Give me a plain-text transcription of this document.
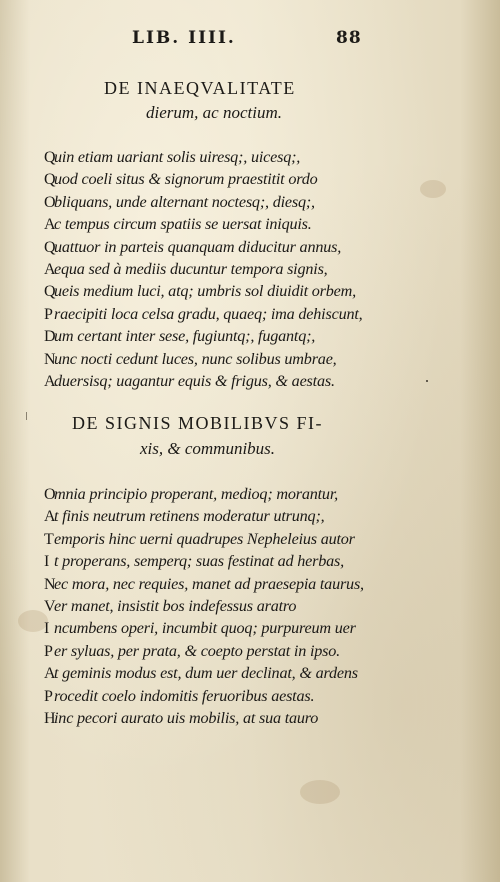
LIB. IIII.	88
DE INAEQVALITATE
dierum, ac noctium.
Quin etiam uariant solis uiresq;, uicesq;,
Quod coeli situs & signorum praestitit ordo
Obliquans, unde alternant noctesq;, diesq;,
Ac tempus circum spatiis se uersat iniquis.
Quattuor in parteis quanquam diducitur annus,
Aequa sed à mediis ducuntur tempora signis,
Queis medium luci, atq; umbris sol diuidit orbem,
Praecipiti loca celsa gradu, quaeq; ima dehiscunt,
Dum certant inter sese, fugiuntq;, fugantq;,
Nunc nocti cedunt luces, nunc solibus umbrae,
Aduersisq; uagantur equis & frigus, & aestas.
DE SIGNIS MOBILIBVS FI-
xis, & communibus.
Omnia principio properant, medioq; morantur,
At finis neutrum retinens moderatur utrunq;,
Temporis hinc uerni quadrupes Nepheleius autor
I t properans, semperq; suas festinat ad herbas,
Nec mora, nec requies, manet ad praesepia taurus,
Ver manet, insistit bos indefessus aratro
I ncumbens operi, incumbit quoq; purpureum uer
Per syluas, per prata, & coepto perstat in ipso.
At geminis modus est, dum uer declinat, & ardens
Procedit coelo indomitis feruoribus aestas.
Hinc pecori aurato uis mobilis, at sua tauro
